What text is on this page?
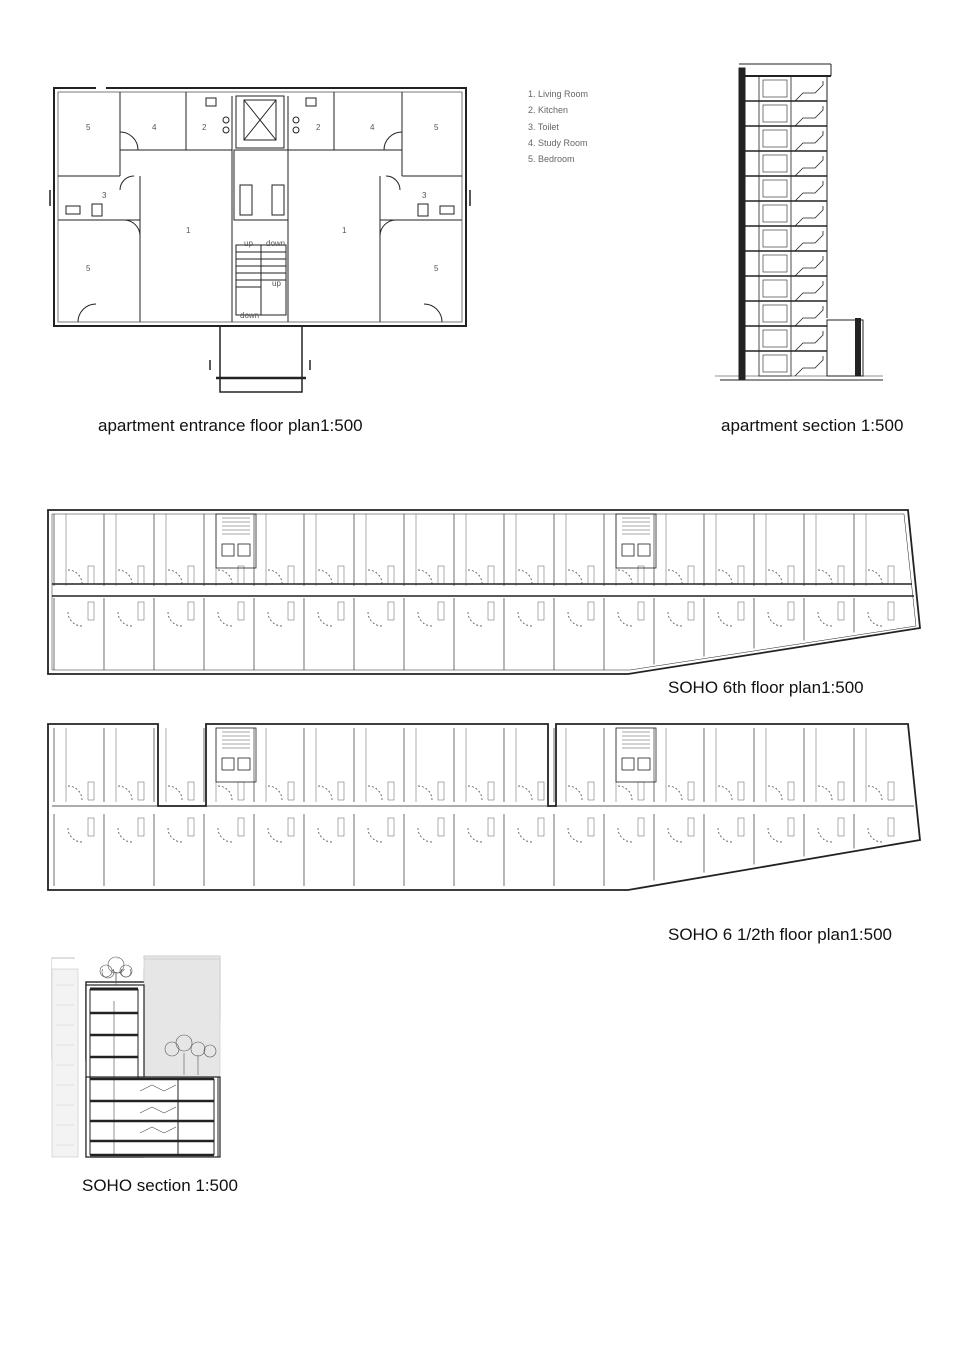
5	4	2
3
1
5
2	4	5
3
1
5
up down
up
down
1. Living Room
2. Kitchen
3. Toilet
4. Study Room
5. Bedroom
apartment entrance floor plan1:500	apartment section 1:500
SOHO 6th floor plan1:500
SOHO 6 1/2th floor plan1:500
SOHO section 1:500
